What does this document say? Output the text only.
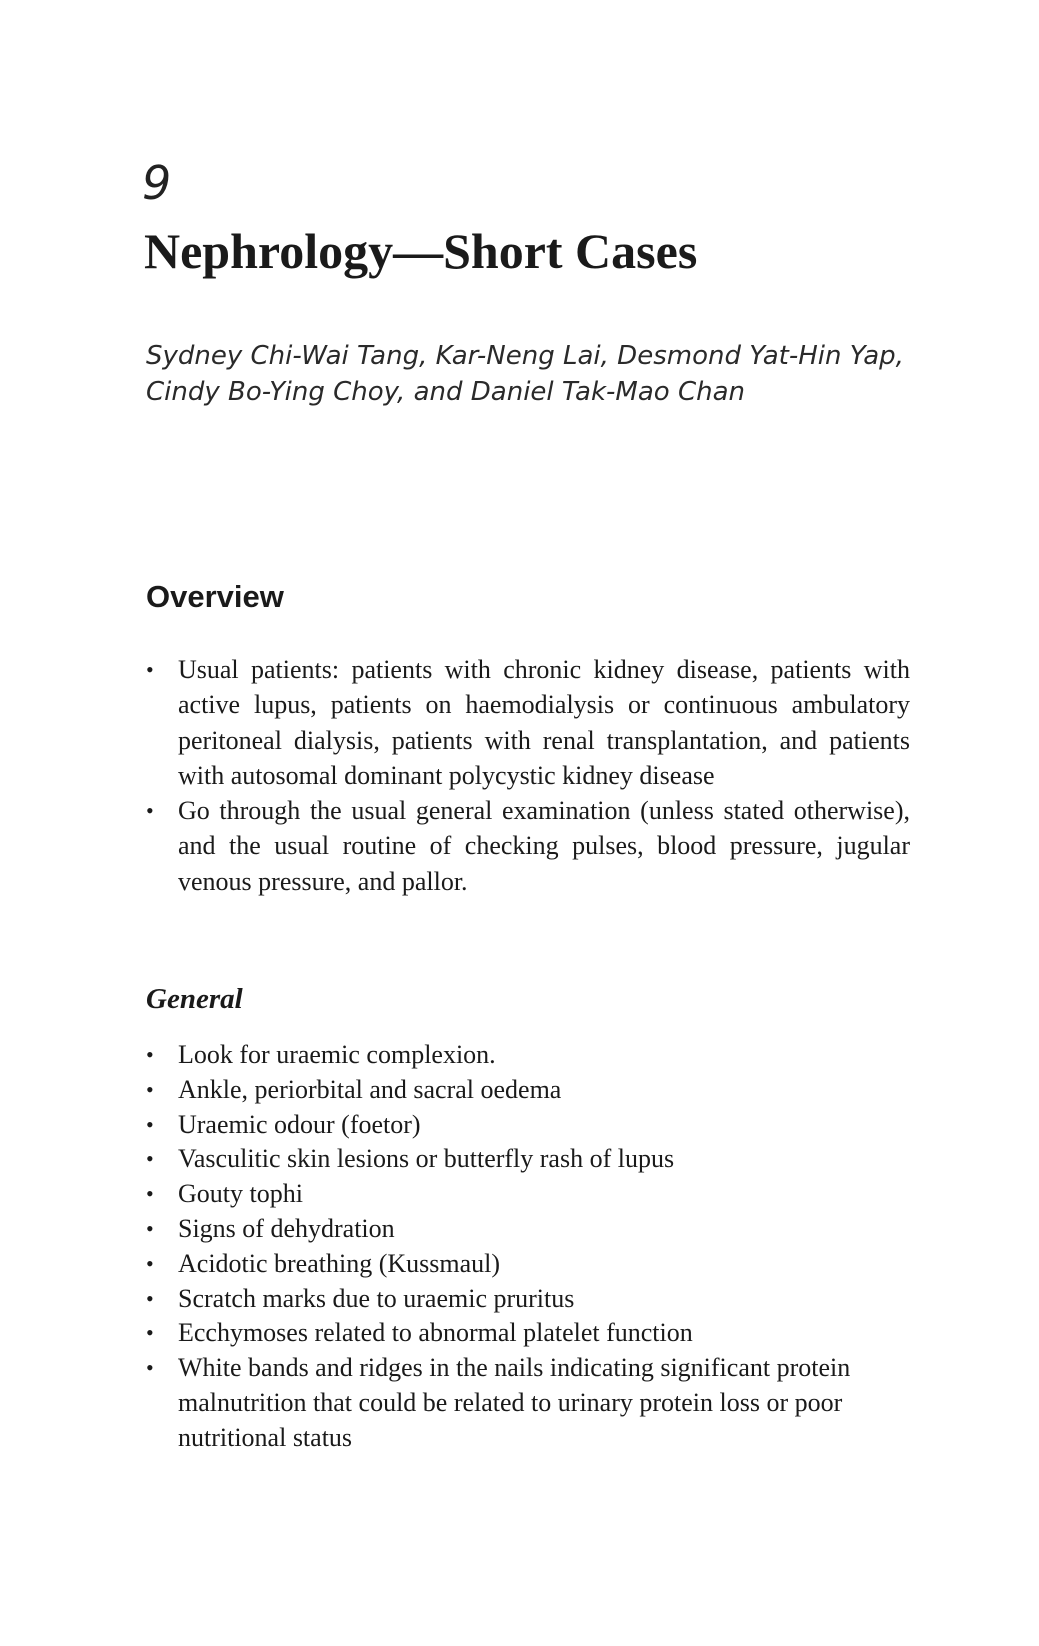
9
Nephrology—Short Cases
Sydney Chi-Wai Tang, Kar-Neng Lai, Desmond Yat-Hin Yap,
Cindy Bo-Ying Choy, and Daniel Tak-Mao Chan
Overview
• Usual patients: patients with chronic kidney disease, patients with active lupus, patients on haemodialysis or continuous ambulatory peritoneal dialysis, patients with renal transplantation, and patients with autosomal dominant polycystic kidney disease
• Go through the usual general examination (unless stated otherwise), and the usual routine of checking pulses, blood pressure, jugular venous pressure, and pallor.
General
• Look for uraemic complexion.
• Ankle, periorbital and sacral oedema
• Uraemic odour (foetor)
• Vasculitic skin lesions or butterfly rash of lupus
• Gouty tophi
• Signs of dehydration
• Acidotic breathing (Kussmaul)
• Scratch marks due to uraemic pruritus
• Ecchymoses related to abnormal platelet function
• White bands and ridges in the nails indicating significant protein
malnutrition that could be related to urinary protein loss or poor
nutritional status
